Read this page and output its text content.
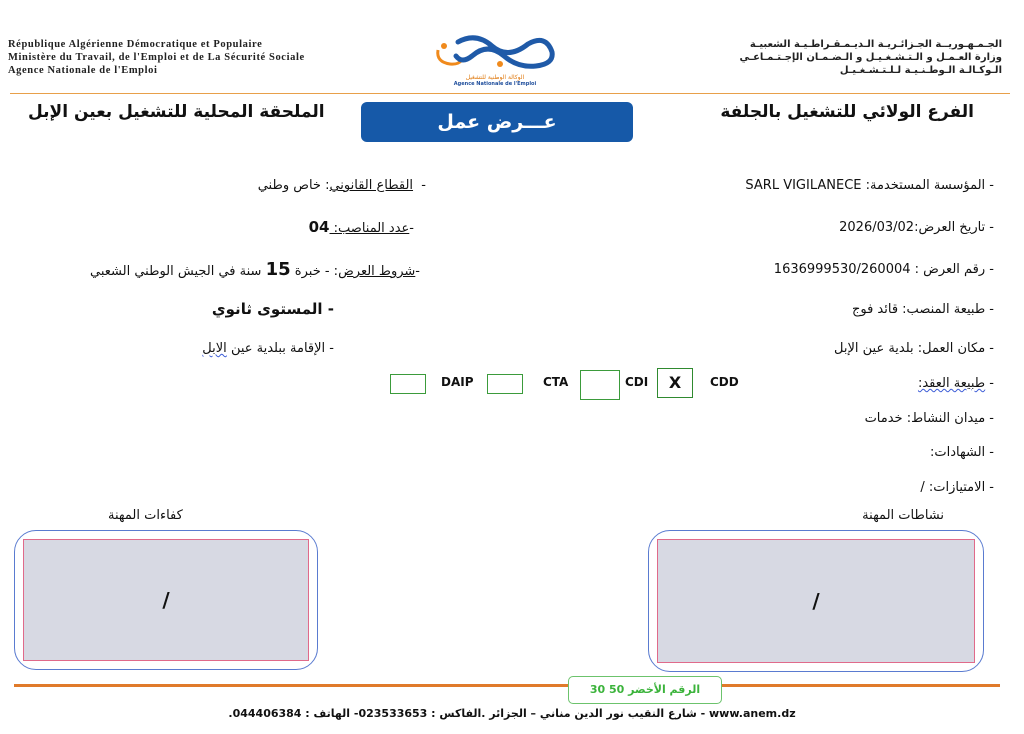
République Algérienne Démocratique et Populaire
Ministère du Travail, de l'Emploi et de La Sécurité Sociale
Agence Nationale de l'Emploi
الوكالة الوطنية للتشغيل
Agence Nationale de l'Emploi
الجـمـهـوريــة الجـزائـريـة الـديـمـقـراطـيـة الشعبيـة
وزارة العـمـل و الـتـشـغـيـل و الـضـمـان الإجـتـمـاعـي
الـوكـالـة الـوطـنـيـة لـلـتـشـغـيـل
الفرع الولائي للتشغيل بالجلفة
الملحقة المحلية للتشغيل بعين الإبل	عـــرض عمل
- المؤسسة المستخدمة: SARL VIGILANECE
- تاريخ العرض:2026/03/02
- رقم العرض : 1636999530/260004
- طبيعة المنصب: قائد فوج
- مكان العمل: بلدية عين الإبل
- طبيعة العقد:
- ميدان النشاط: خدمات
- الشهادات:
- الامتيازات: /
-  القطاع القانوني: خاص وطني
-عدد المناصب: 04
-شروط العرض: - خبرة 15 سنة في الجيش الوطني الشعبي
- المستوى ثانوي
- الإقامة ببلدية عين الابل
CDD
X
CDI
CTA
DAIP
نشاطات المهنة
كفاءات المهنة
/
/
الرقم الأخضر 50 30
.شارع النقيب نور الدين مناني – الجزائر .الفاكس : 023533653- الهاتف : 044406384 - www.anem.dz
